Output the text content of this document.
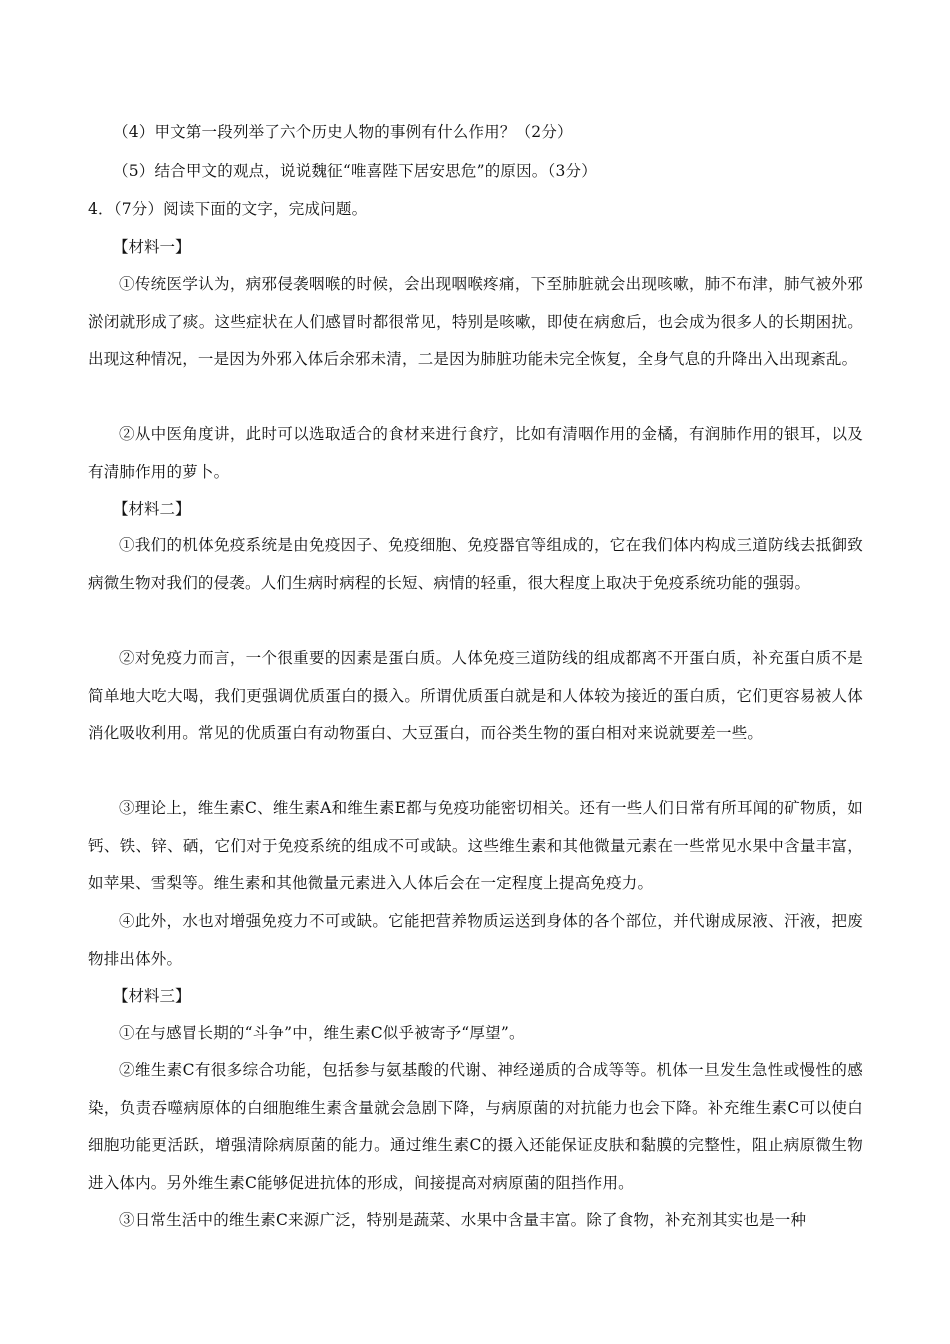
（4）甲文第一段列举了六个历史人物的事例有什么作用？（2分）
（5）结合甲文的观点，说说魏征“唯喜陛下居安思危”的原因。（3分）
4．（7分）阅读下面的文字，完成问题。
【材料一】
①传统医学认为，病邪侵袭咽喉的时候，会出现咽喉疼痛，下至肺脏就会出现咳嗽，肺不布津，肺气被外邪淤闭就形成了痰。这些症状在人们感冒时都很常见，特别是咳嗽，即使在病愈后，也会成为很多人的长期困扰。出现这种情况，一是因为外邪入体后余邪未清，二是因为肺脏功能未完全恢复，全身气息的升降出入出现紊乱。
②从中医角度讲，此时可以选取适合的食材来进行食疗，比如有清咽作用的金橘，有润肺作用的银耳，以及有清肺作用的萝卜。
【材料二】
①我们的机体免疫系统是由免疫因子、免疫细胞、免疫器官等组成的，它在我们体内构成三道防线去抵御致病微生物对我们的侵袭。人们生病时病程的长短、病情的轻重，很大程度上取决于免疫系统功能的强弱。
②对免疫力而言，一个很重要的因素是蛋白质。人体免疫三道防线的组成都离不开蛋白质，补充蛋白质不是简单地大吃大喝，我们更强调优质蛋白的摄入。所谓优质蛋白就是和人体较为接近的蛋白质，它们更容易被人体消化吸收利用。常见的优质蛋白有动物蛋白、大豆蛋白，而谷类生物的蛋白相对来说就要差一些。
③理论上，维生素C、维生素A和维生素E都与免疫功能密切相关。还有一些人们日常有所耳闻的矿物质，如钙、铁、锌、硒，它们对于免疫系统的组成不可或缺。这些维生素和其他微量元素在一些常见水果中含量丰富，如苹果、雪梨等。维生素和其他微量元素进入人体后会在一定程度上提高免疫力。
④此外，水也对增强免疫力不可或缺。它能把营养物质运送到身体的各个部位，并代谢成尿液、汗液，把废物排出体外。
【材料三】
①在与感冒长期的“斗争”中，维生素C似乎被寄予“厚望”。
②维生素C有很多综合功能，包括参与氨基酸的代谢、神经递质的合成等等。机体一旦发生急性或慢性的感染，负责吞噬病原体的白细胞维生素含量就会急剧下降，与病原菌的对抗能力也会下降。补充维生素C可以使白细胞功能更活跃，增强清除病原菌的能力。通过维生素C的摄入还能保证皮肤和黏膜的完整性，阻止病原微生物进入体内。另外维生素C能够促进抗体的形成，间接提高对病原菌的阻挡作用。
③日常生活中的维生素C来源广泛，特别是蔬菜、水果中含量丰富。除了食物，补充剂其实也是一种
